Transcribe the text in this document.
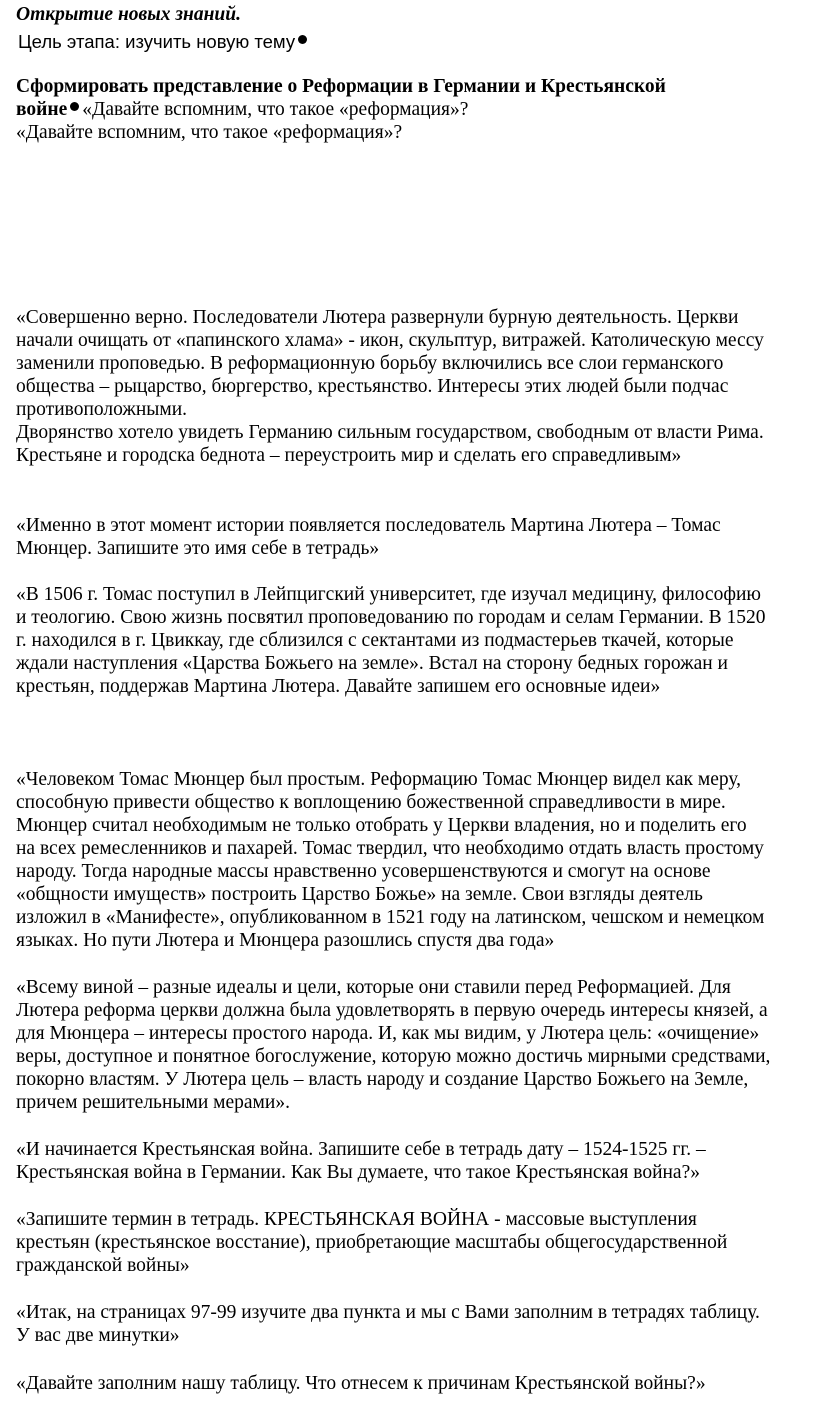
Открытие новых знаний.
Цель этапа: изучить новую тему
Сформировать представление о Реформации в Германии и Крестьянской
войне «Давайте вспомним, что такое «реформация»?
«Давайте вспомним, что такое «реформация»?
«Совершенно верно. Последователи Лютера развернули бурную деятельность. Церкви
начали очищать от «папинского хлама» - икон, скульптур, витражей. Католическую мессу
заменили проповедью. В реформационную борьбу включились все слои германского
общества – рыцарство, бюргерство, крестьянство. Интересы этих людей были подчас
противоположными.
Дворянство хотело увидеть Германию сильным государством, свободным от власти Рима.
Крестьяне и городска беднота – переустроить мир и сделать его справедливым»
«Именно в этот момент истории появляется последователь Мартина Лютера – Томас
Мюнцер. Запишите это имя себе в тетрадь»
«В 1506 г. Томас поступил в Лейпцигский университет, где изучал медицину, философию
и теологию. Свою жизнь посвятил проповедованию по городам и селам Германии. В 1520
г. находился в г. Цвиккау, где сблизился с сектантами из подмастерьев ткачей, которые
ждали наступления «Царства Божьего на земле». Встал на сторону бедных горожан и
крестьян, поддержав Мартина Лютера. Давайте запишем его основные идеи»
«Человеком Томас Мюнцер был простым. Реформацию Томас Мюнцер видел как меру,
способную привести общество к воплощению божественной справедливости в мире.
Мюнцер считал необходимым не только отобрать у Церкви владения, но и поделить его
на всех ремесленников и пахарей. Томас твердил, что необходимо отдать власть простому
народу. Тогда народные массы нравственно усовершенствуются и смогут на основе
«общности имуществ» построить Царство Божье» на земле. Свои взгляды деятель
изложил в «Манифесте», опубликованном в 1521 году на латинском, чешском и немецком
языках. Но пути Лютера и Мюнцера разошлись спустя два года»
«Всему виной – разные идеалы и цели, которые они ставили перед Реформацией. Для
Лютера реформа церкви должна была удовлетворять в первую очередь интересы князей, а
для Мюнцера – интересы простого народа. И, как мы видим, у Лютера цель: «очищение»
веры, доступное и понятное богослужение, которую можно достичь мирными средствами,
покорно властям. У Лютера цель – власть народу и создание Царство Божьего на Земле,
причем решительными мерами».
«И начинается Крестьянская война. Запишите себе в тетрадь дату – 1524-1525 гг. –
Крестьянская война в Германии. Как Вы думаете, что такое Крестьянская война?»
«Запишите термин в тетрадь. КРЕСТЬЯНСКАЯ ВОЙНА - массовые выступления
крестьян (крестьянское восстание), приобретающие масштабы общегосударственной
гражданской войны»
«Итак, на страницах 97-99 изучите два пункта и мы с Вами заполним в тетрадях таблицу.
У вас две минутки»
«Давайте заполним нашу таблицу. Что отнесем к причинам Крестьянской войны?»
